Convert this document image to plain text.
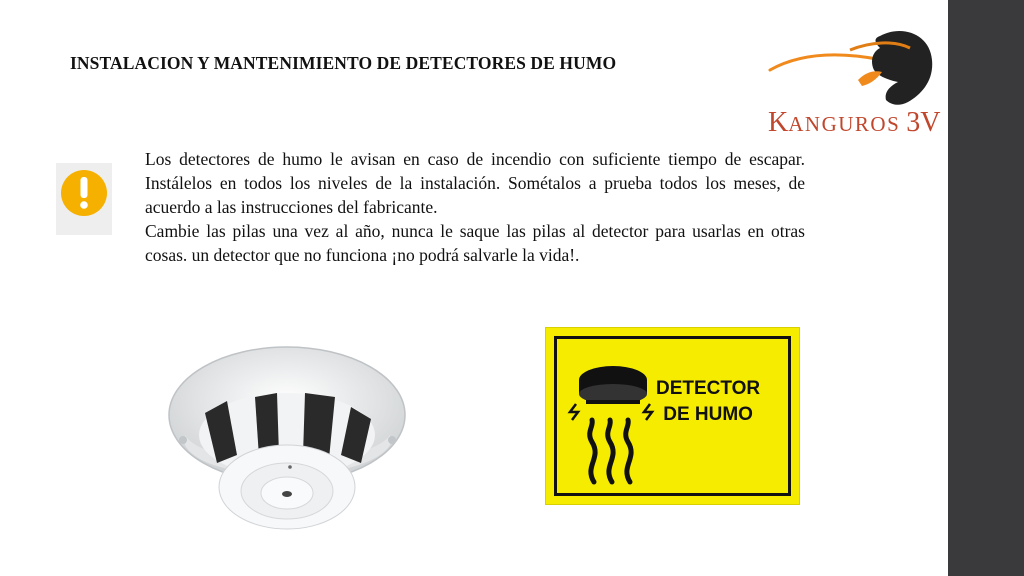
INSTALACION Y MANTENIMIENTO DE DETECTORES DE HUMO
KANGUROS 3V

Los detectores de humo le avisan en caso de incendio con suficiente tiempo de escapar. Instálelos en todos los niveles de la instalación. Sométalos a prueba todos los meses, de acuerdo a las instrucciones del fabricante.

Cambie las pilas una vez al año, nunca le saque las pilas al detector para usarlas en otras cosas. un detector que no funciona ¡no podrá salvarle la vida!.

DETECTOR
DE HUMO
